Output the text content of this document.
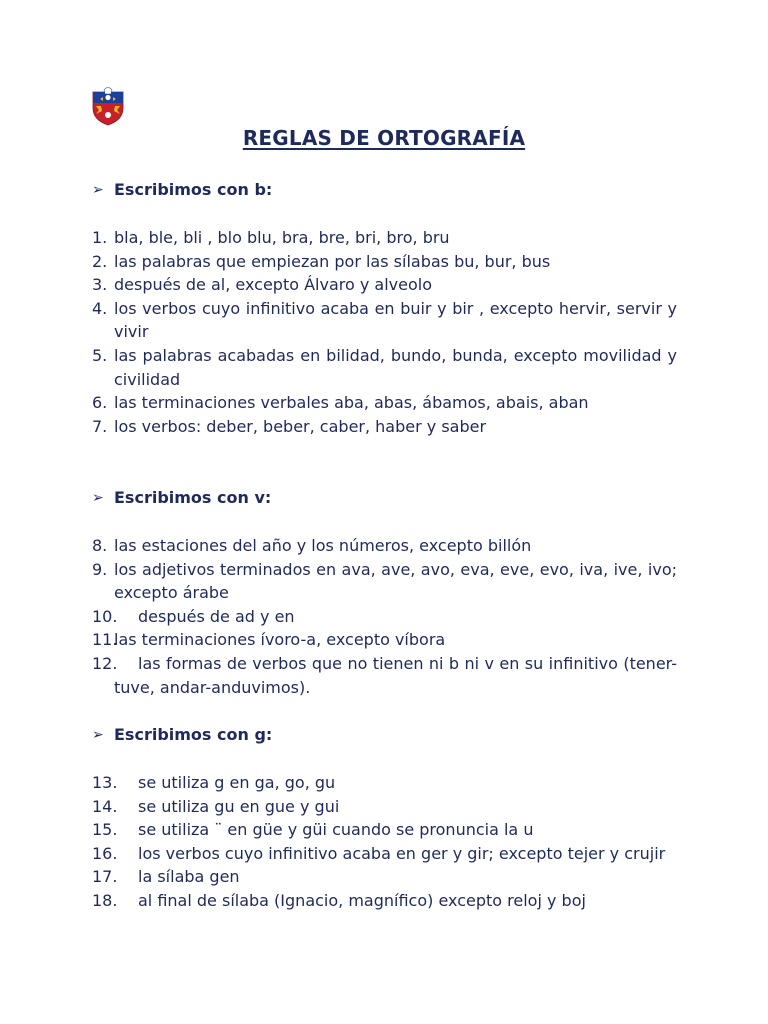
REGLAS DE ORTOGRAFÍA
➢ Escribimos con b:
1. bla, ble, bli , blo blu, bra, bre, bri, bro, bru
2. las palabras que empiezan por las sílabas bu, bur, bus
3. después de al, excepto Álvaro y alveolo
4. los verbos cuyo infinitivo acaba en buir y bir , excepto hervir, servir y vivir
5. las palabras acabadas en bilidad, bundo, bunda, excepto movilidad y civilidad
6. las terminaciones verbales aba, abas, ábamos, abais, aban
7. los verbos: deber, beber, caber, haber y saber
➢ Escribimos con v:
8. las estaciones del año y los números, excepto billón
9. los adjetivos terminados en ava, ave, avo, eva, eve, evo, iva, ive, ivo; excepto árabe
10. después de ad y en
11.
las terminaciones ívoro-a, excepto víbora
12. las formas de verbos que no tienen ni b ni v en su infinitivo (tener- tuve, andar-anduvimos).
➢ Escribimos con g:
13. se utiliza g en ga, go, gu
14. se utiliza gu en gue y gui
15. se utiliza ¨ en güe y güi cuando se pronuncia la u
16. los verbos cuyo infinitivo acaba en ger y gir; excepto tejer y crujir
17. la sílaba gen
18. al final de sílaba (Ignacio, magnífico) excepto reloj y boj
